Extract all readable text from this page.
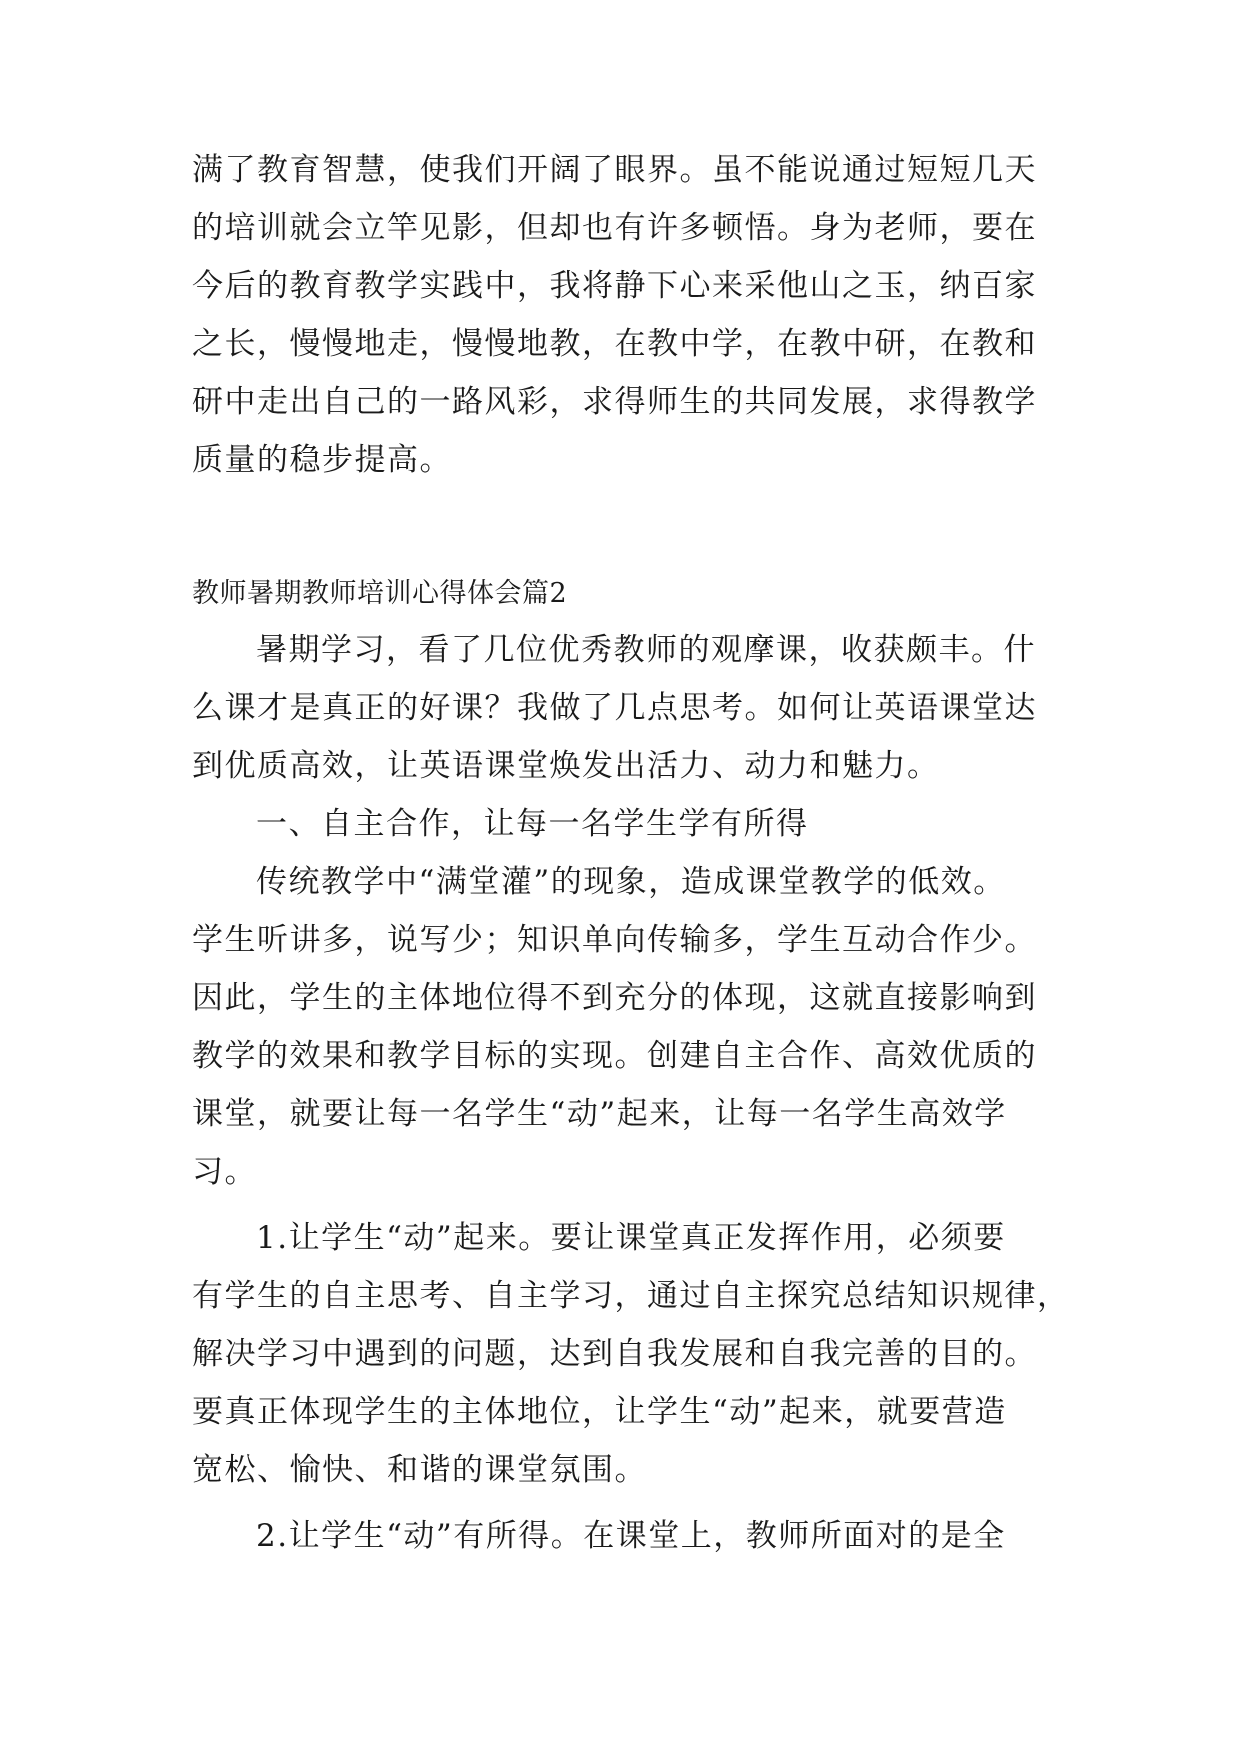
满了教育智慧，使我们开阔了眼界。虽不能说通过短短几天
的培训就会立竿见影，但却也有许多顿悟。身为老师，要在
今后的教育教学实践中，我将静下心来采他山之玉，纳百家
之长，慢慢地走，慢慢地教，在教中学，在教中研，在教和
研中走出自己的一路风彩，求得师生的共同发展，求得教学
质量的稳步提高。
教师暑期教师培训心得体会篇2
暑期学习，看了几位优秀教师的观摩课，收获颇丰。什
么课才是真正的好课？我做了几点思考。如何让英语课堂达
到优质高效，让英语课堂焕发出活力、动力和魅力。
一、自主合作，让每一名学生学有所得
传统教学中“满堂灌”的现象，造成课堂教学的低效。
学生听讲多，说写少；知识单向传输多，学生互动合作少。
因此，学生的主体地位得不到充分的体现，这就直接影响到
教学的效果和教学目标的实现。创建自主合作、高效优质的
课堂，就要让每一名学生“动”起来，让每一名学生高效学
习。
1.让学生“动”起来。要让课堂真正发挥作用，必须要
有学生的自主思考、自主学习，通过自主探究总结知识规律，
解决学习中遇到的问题，达到自我发展和自我完善的目的。
要真正体现学生的主体地位，让学生“动”起来，就要营造
宽松、愉快、和谐的课堂氛围。
2.让学生“动”有所得。在课堂上，教师所面对的是全
